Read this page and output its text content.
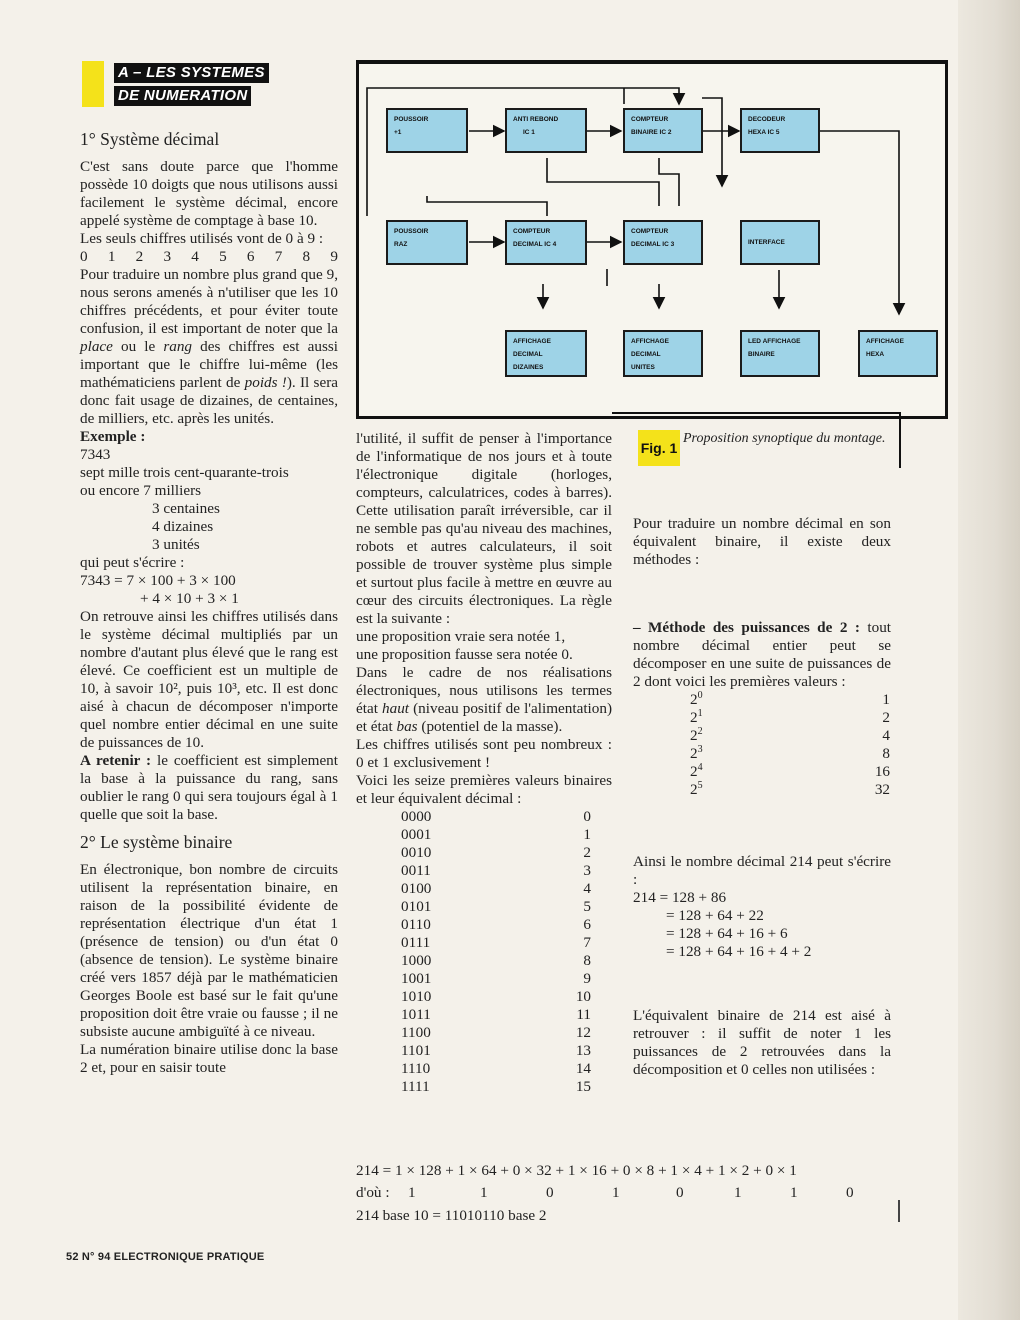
A – LES SYSTEMES
DE NUMERATION
1° Système décimal

C'est sans doute parce que l'homme possède 10 doigts que nous utilisons aussi facilement le système décimal, encore appelé système de comptage à base 10.

Les seuls chiffres utilisés vont de 0 à 9 :

0 1 2 3 4 5 6 7 8 9

Pour traduire un nombre plus grand que 9, nous serons amenés à n'utiliser que les 10 chiffres précédents, et pour éviter toute confusion, il est important de noter que la place ou le rang des chiffres est aussi important que le chiffre lui-même (les mathématiciens parlent de poids !). Il sera donc fait usage de dizaines, de centaines, de milliers, etc. après les unités.

Exemple :
7343
sept mille trois cent-quarante-trois
ou encore 7 milliers
3 centaines
4 dizaines
3 unités
qui peut s'écrire :
7343 = 7 × 100 + 3 × 100
+ 4 × 10 + 3 × 1

On retrouve ainsi les chiffres utilisés dans le système décimal multipliés par un nombre d'autant plus élevé que le rang est élevé. Ce coefficient est un multiple de 10, à savoir 10², puis 10³, etc. Il est donc aisé à chacun de décomposer n'importe quel nombre entier décimal en une suite de puissances de 10.

A retenir : le coefficient est simplement la base à la puissance du rang, sans oublier le rang 0 qui sera toujours égal à 1 quelle que soit la base.

2° Le système binaire

En électronique, bon nombre de circuits utilisent la représentation binaire, en raison de la possibilité évidente de représentation électrique d'un état 1 (présence de tension) ou d'un état 0 (absence de tension). Le système binaire créé vers 1857 déjà par le mathématicien Georges Boole est basé sur le fait qu'une proposition doit être vraie ou fausse ; il ne subsiste aucune ambiguïté à ce niveau.

La numération binaire utilise donc la base 2 et, pour en saisir toute

POUSSOIR
+1
ANTI REBOND
IC 1
COMPTEUR
BINAIRE IC 2
DECODEUR
HEXA IC 5
POUSSOIR
RAZ
COMPTEUR
DECIMAL IC 4
COMPTEUR
DECIMAL IC 3	INTERFACE
AFFICHAGE DECIMAL
DIZAINES
AFFICHAGE DECIMAL
UNITES
LED AFFICHAGE
BINAIRE
AFFICHAGE
HEXA
Fig. 1
Proposition synoptique du montage.

l'utilité, il suffit de penser à l'importance de l'informatique de nos jours et à toute l'électronique digitale (horloges, compteurs, calculatrices, codes à barres). Cette utilisation paraît irréversible, car il ne semble pas qu'au niveau des machines, robots et autres calculateurs, il soit possible de trouver système plus simple et surtout plus facile à mettre en œuvre au cœur des circuits électroniques. La règle est la suivante :

une proposition vraie sera notée 1,
une proposition fausse sera notée 0.

Dans le cadre de nos réalisations électroniques, nous utilisons les termes état haut (niveau positif de l'alimentation) et état bas (potentiel de la masse).

Les chiffres utilisés sont peu nombreux : 0 et 1 exclusivement !

Voici les seize premières valeurs binaires et leur équivalent décimal :

0000	0
0001	1
0010	2
0011	3
0100	4
0101	5
0110	6
0111	7
1000	8
1001	9
1010	10
1011	11
1100	12
1101	13
1110	14
1111	15

Pour traduire un nombre décimal en son équivalent binaire, il existe deux méthodes :

– Méthode des puissances de 2 : tout nombre décimal entier peut se décomposer en une suite de puissances de 2 dont voici les premières valeurs :

$2^0$	1
$2^1$	2
$2^2$	4
$2^3$	8
$2^4$	16
$2^5$	32

Ainsi le nombre décimal 214 peut s'écrire :

214 = 128 + 86
= 128 + 64 + 22
= 128 + 64 + 16 + 6
= 128 + 64 + 16 + 4 + 2

L'équivalent binaire de 214 est aisé à retrouver : il suffit de noter 1 les puissances de 2 retrouvées dans la décomposition et 0 celles non utilisées :

214 = 1 × 128 + 1 × 64 + 0 × 32 + 1 × 16 + 0 × 8 + 1 × 4 + 1 × 2 + 0 × 1
d'où :	1	1	0	1	0	1	1	0
214 base 10 = 11010110 base 2
52 N° 94 ELECTRONIQUE PRATIQUE
